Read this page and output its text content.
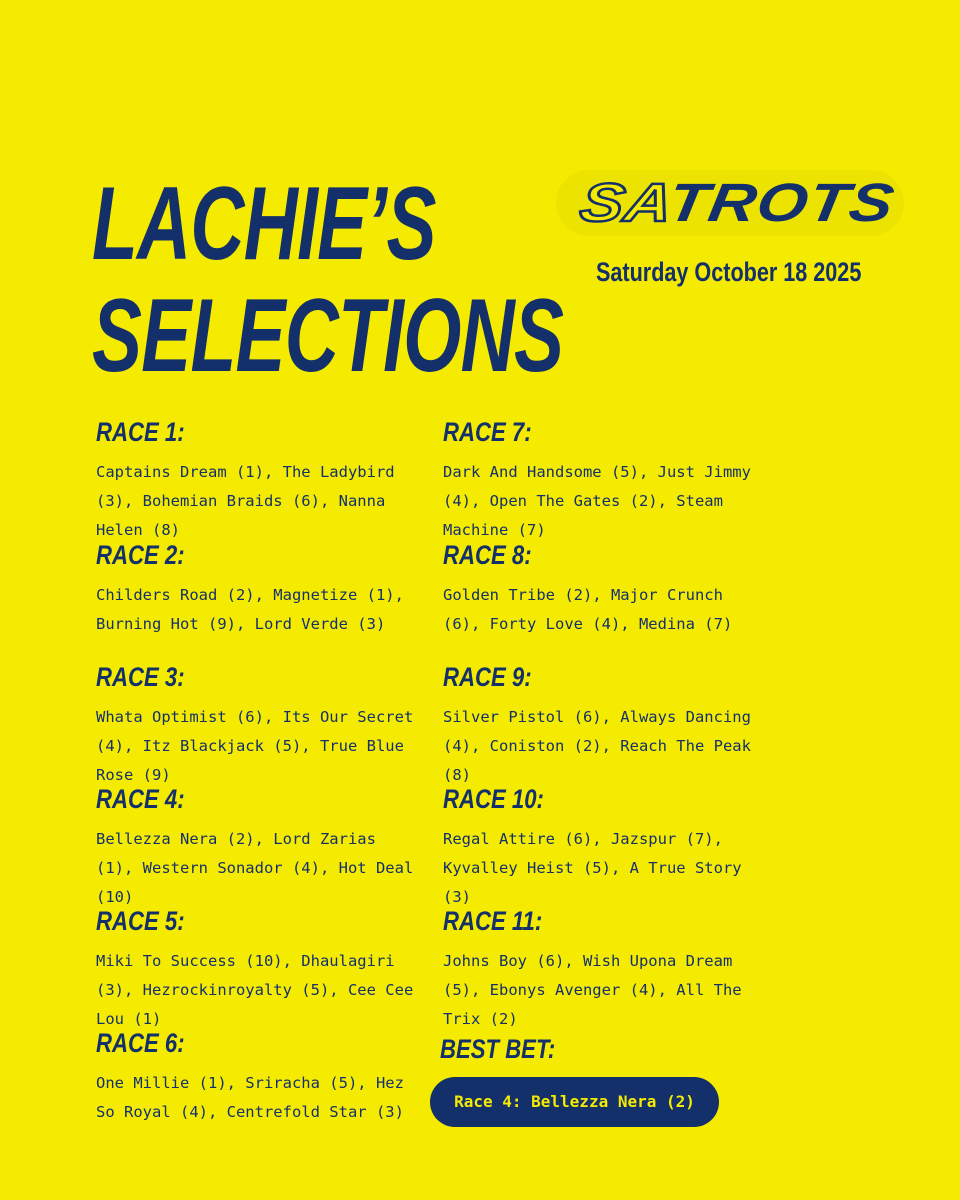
LACHIE’S
SELECTIONS
SATROTS
Saturday October 18 2025
RACE 1:
Captains Dream (1), The Ladybird (3), Bohemian Braids (6), Nanna Helen (8)
RACE 2:
Childers Road (2), Magnetize (1), Burning Hot (9), Lord Verde (3)
RACE 3:
Whata Optimist (6), Its Our Secret (4), Itz Blackjack (5), True Blue Rose (9)
RACE 4:
Bellezza Nera (2), Lord Zarias (1), Western Sonador (4), Hot Deal (10)
RACE 5:
Miki To Success (10), Dhaulagiri (3), Hezrockinroyalty (5), Cee Cee Lou (1)
RACE 6:
One Millie (1), Sriracha (5), Hez So Royal (4), Centrefold Star (3)
RACE 7:
Dark And Handsome (5), Just Jimmy (4), Open The Gates (2), Steam Machine (7)
RACE 8:
Golden Tribe (2), Major Crunch (6), Forty Love (4), Medina (7)
RACE 9:
Silver Pistol (6), Always Dancing (4), Coniston (2), Reach The Peak (8)
RACE 10:
Regal Attire (6), Jazspur (7), Kyvalley Heist (5), A True Story (3)
RACE 11:
Johns Boy (6), Wish Upona Dream (5), Ebonys Avenger (4), All The Trix (2)
BEST BET:
Race 4: Bellezza Nera (2)
